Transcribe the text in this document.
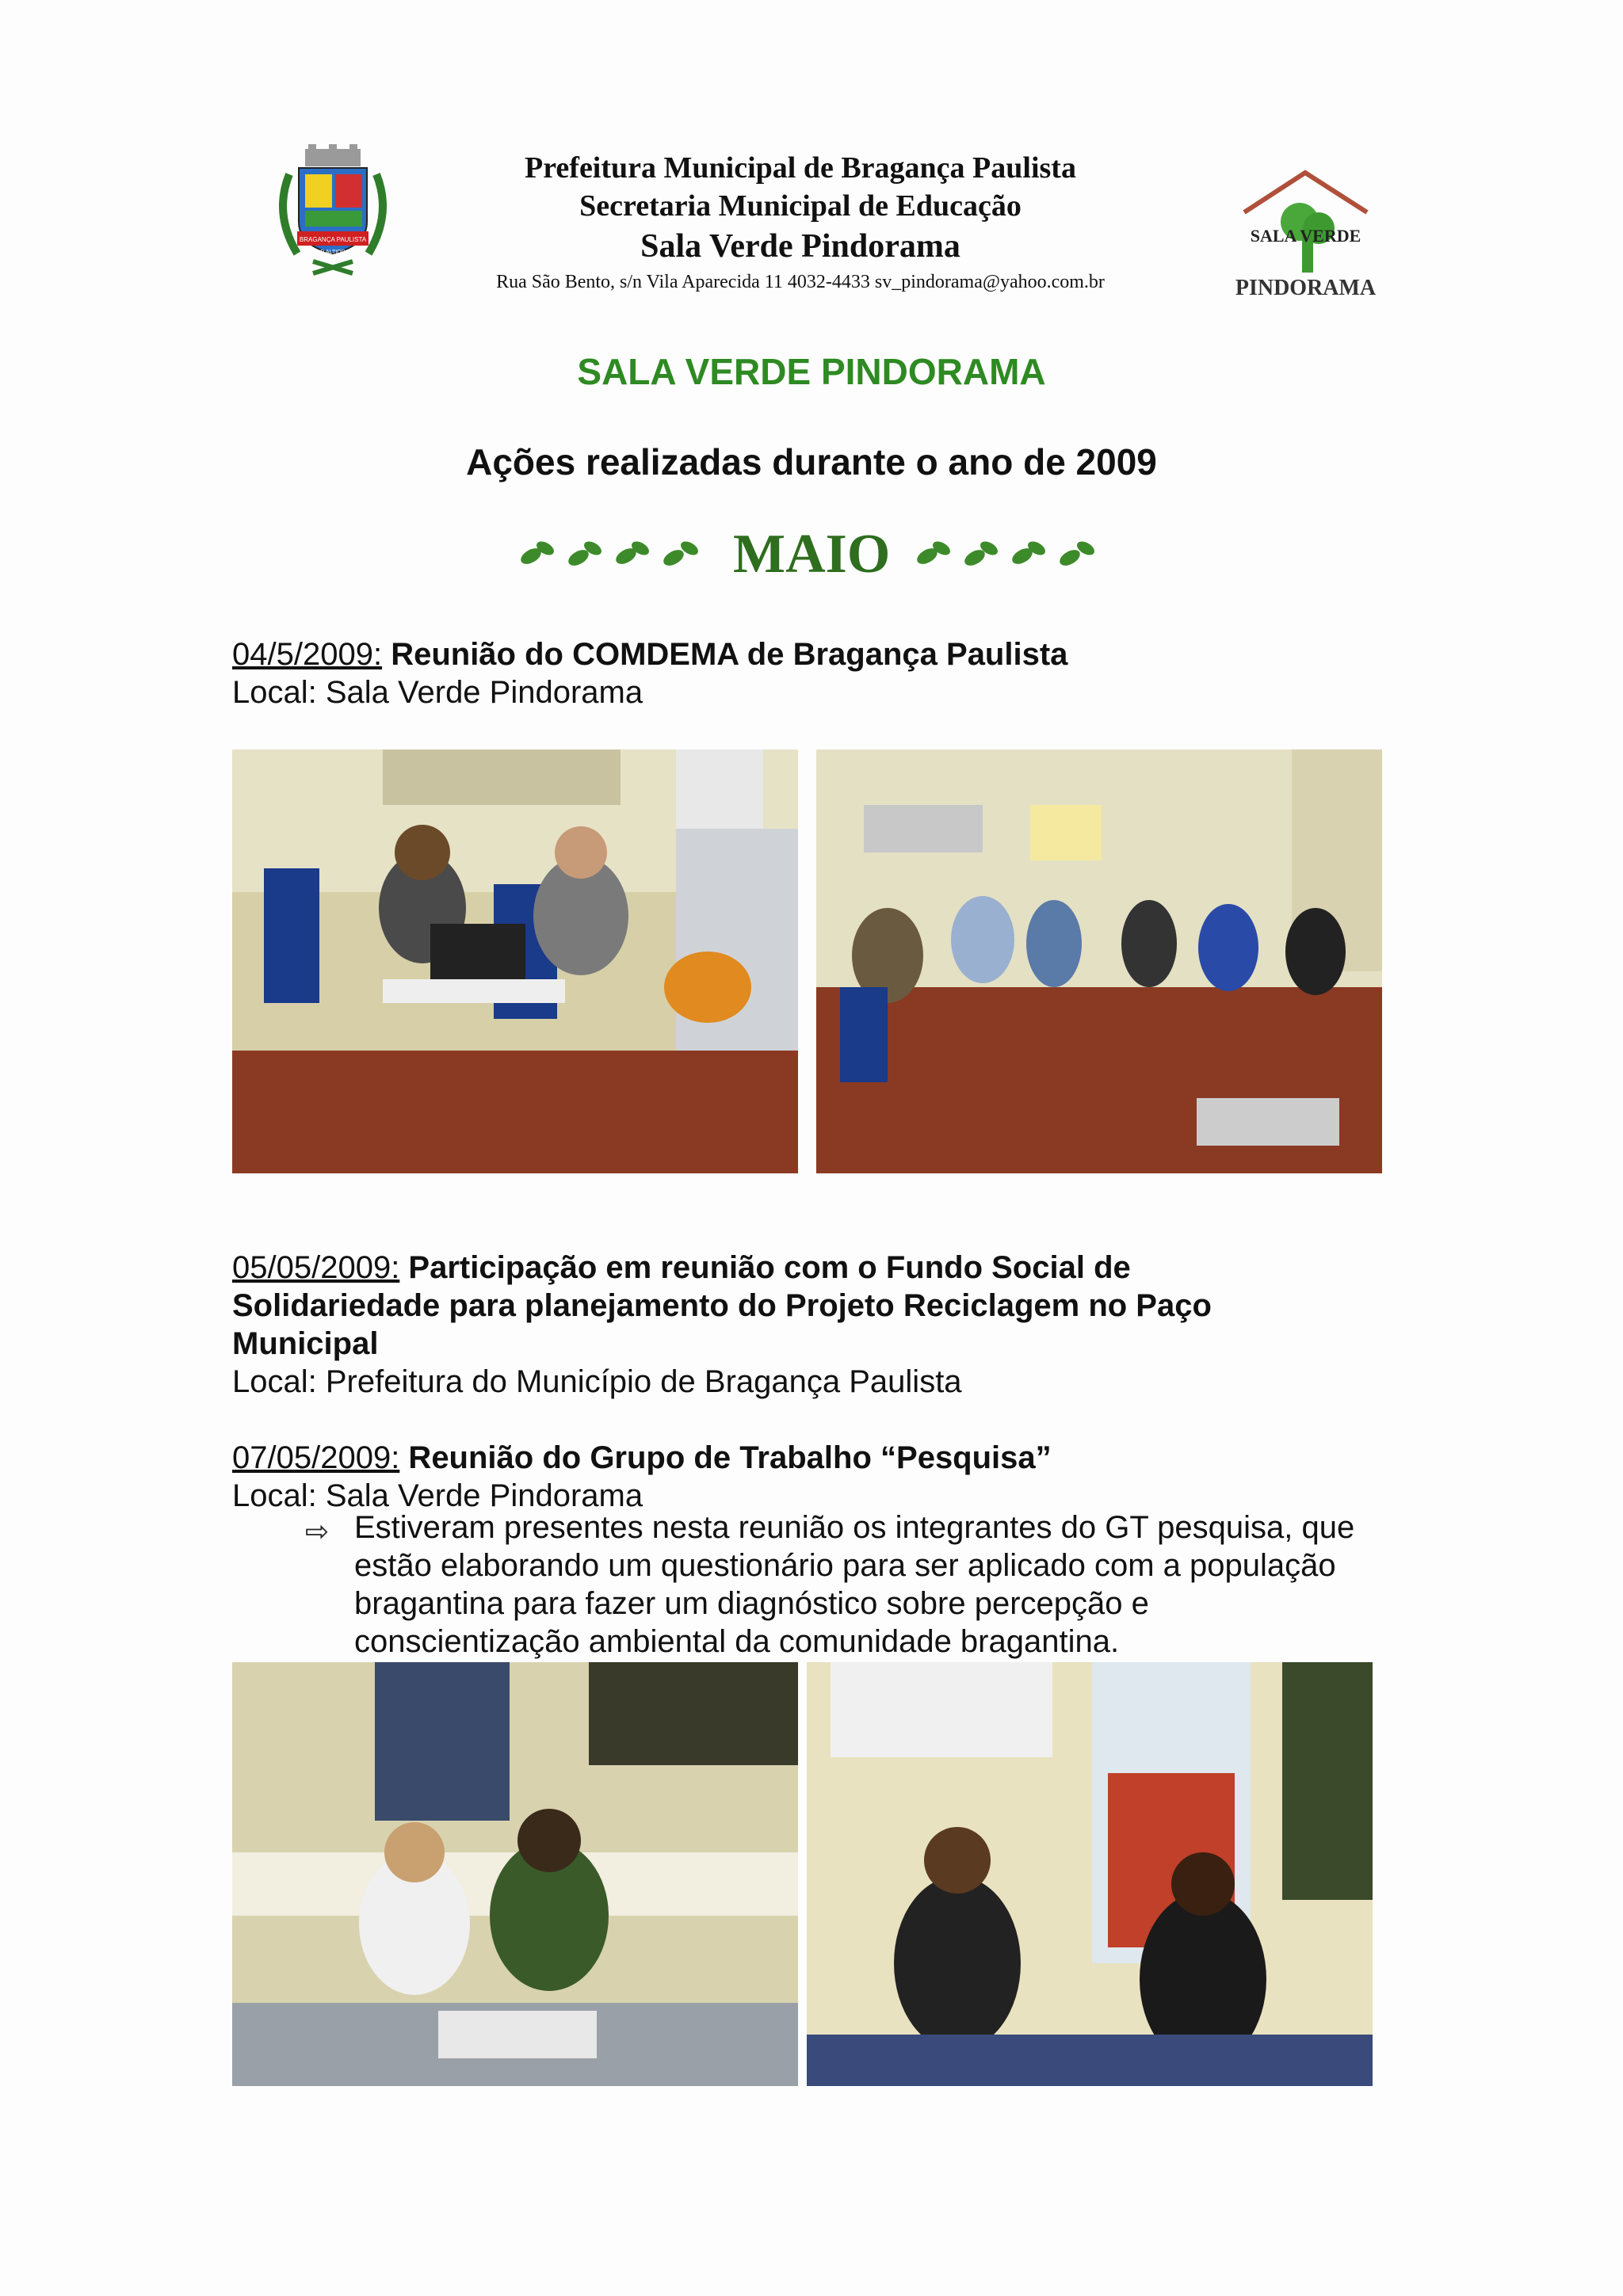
BRAGANÇA PAULISTA
AD ALTIORA
Prefeitura Municipal de Bragança Paulista
Secretaria Municipal de Educação
Sala Verde Pindorama
Rua São Bento, s/n Vila Aparecida 11 4032-4433 sv_pindorama@yahoo.com.br
SALA VERDE
PINDORAMA
SALA VERDE PINDORAMA
Ações realizadas durante o ano de 2009
MAIO
04/5/2009: Reunião do COMDEMA de Bragança Paulista
Local: Sala Verde Pindorama
05/05/2009: Participação em reunião com o Fundo Social de
Solidariedade para planejamento do Projeto Reciclagem no Paço
Municipal
Local: Prefeitura do Município de Bragança Paulista
07/05/2009: Reunião do Grupo de Trabalho “Pesquisa”
Local: Sala Verde Pindorama
⇨ Estiveram presentes nesta reunião os integrantes do GT pesquisa, que
estão elaborando um questionário para ser aplicado com a população
bragantina para fazer um diagnóstico sobre percepção e
conscientização ambiental da comunidade bragantina.
